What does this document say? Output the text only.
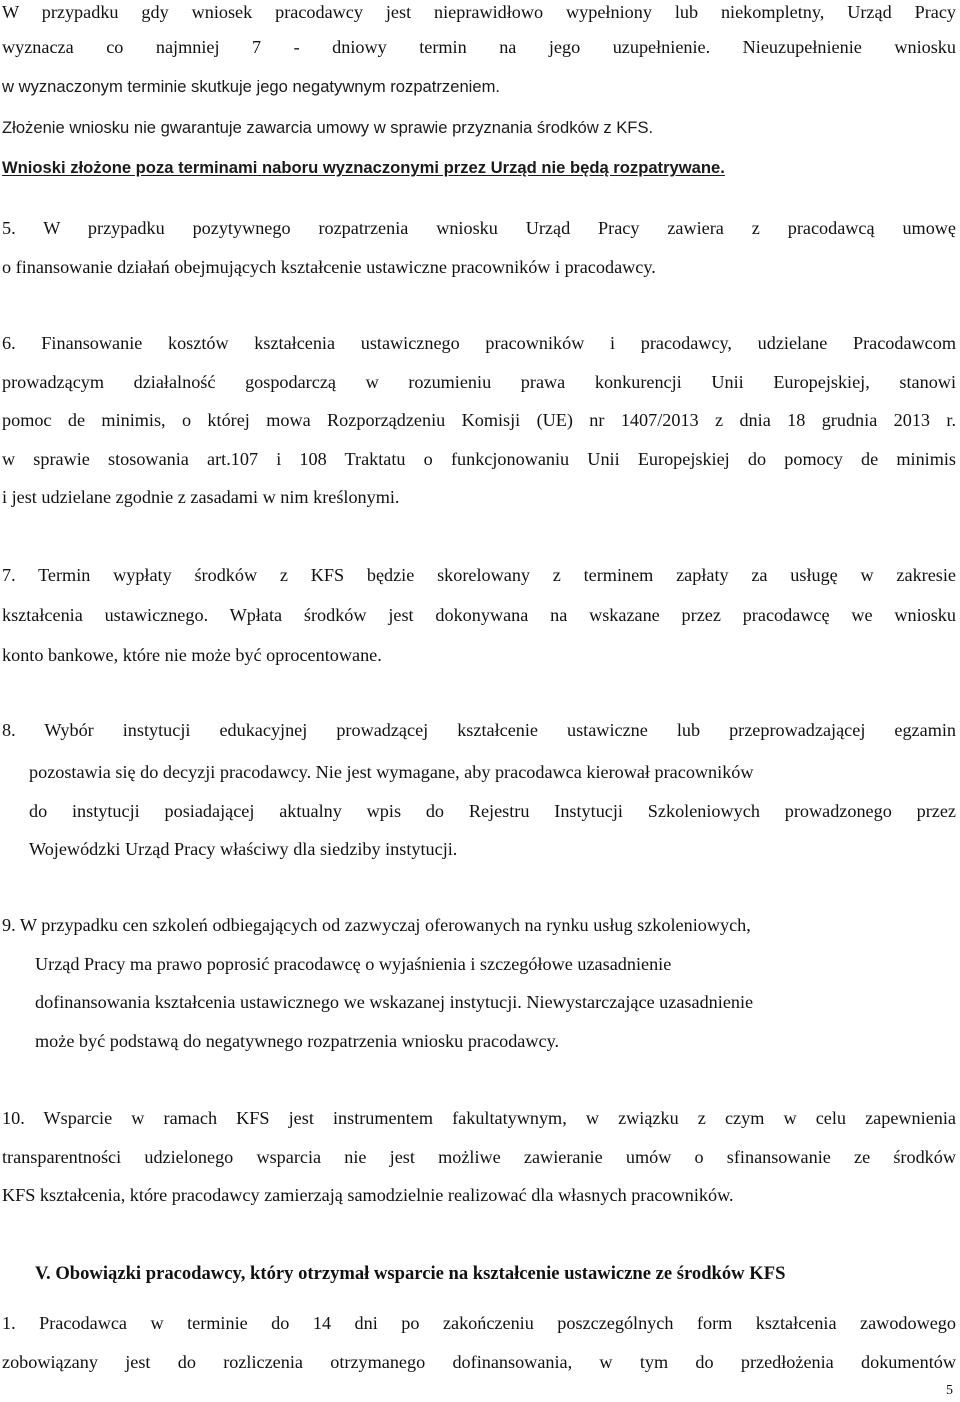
W przypadku gdy wniosek pracodawcy jest nieprawidłowo wypełniony lub niekompletny, Urząd Pracy
wyznacza co najmniej 7 - dniowy termin na jego uzupełnienie. Nieuzupełnienie wniosku
w wyznaczonym terminie skutkuje jego negatywnym rozpatrzeniem.
Złożenie wniosku nie gwarantuje zawarcia umowy w sprawie przyznania środków z KFS.
Wnioski złożone poza terminami naboru wyznaczonymi przez Urząd nie będą rozpatrywane.
5. W przypadku pozytywnego rozpatrzenia wniosku Urząd Pracy zawiera z pracodawcą umowę
o finansowanie działań obejmujących kształcenie ustawiczne pracowników i pracodawcy.
6. Finansowanie kosztów kształcenia ustawicznego pracowników i pracodawcy, udzielane Pracodawcom
prowadzącym działalność gospodarczą w rozumieniu prawa konkurencji Unii Europejskiej, stanowi
pomoc de minimis, o której mowa Rozporządzeniu Komisji (UE) nr 1407/2013 z dnia 18 grudnia 2013 r.
w sprawie stosowania art.107 i 108 Traktatu o funkcjonowaniu Unii Europejskiej do pomocy de minimis
i jest udzielane zgodnie z zasadami w nim kreślonymi.
7. Termin wypłaty środków z KFS będzie skorelowany z terminem zapłaty za usługę w zakresie
kształcenia ustawicznego. Wpłata środków jest dokonywana na wskazane przez pracodawcę we wniosku
konto bankowe, które nie może być oprocentowane.
8. Wybór instytucji edukacyjnej prowadzącej kształcenie ustawiczne lub przeprowadzającej egzamin
pozostawia się do decyzji pracodawcy. Nie jest wymagane, aby pracodawca kierował pracowników
do instytucji posiadającej aktualny wpis do Rejestru Instytucji Szkoleniowych prowadzonego przez
Wojewódzki Urząd Pracy właściwy dla siedziby instytucji.
9. W przypadku cen szkoleń odbiegających od zazwyczaj oferowanych na rynku usług szkoleniowych,
Urząd Pracy ma prawo poprosić pracodawcę o wyjaśnienia i szczegółowe uzasadnienie
dofinansowania kształcenia ustawicznego we wskazanej instytucji. Niewystarczające uzasadnienie
może być podstawą do negatywnego rozpatrzenia wniosku pracodawcy.
10. Wsparcie w ramach KFS jest instrumentem fakultatywnym, w związku z czym w celu zapewnienia
transparentności udzielonego wsparcia nie jest możliwe zawieranie umów o sfinansowanie ze środków
KFS kształcenia, które pracodawcy zamierzają samodzielnie realizować dla własnych pracowników.
V. Obowiązki pracodawcy, który otrzymał wsparcie na kształcenie ustawiczne ze środków KFS
1. Pracodawca w terminie do 14 dni po zakończeniu poszczególnych form kształcenia zawodowego
zobowiązany jest do rozliczenia otrzymanego dofinansowania, w tym do przedłożenia dokumentów
5
